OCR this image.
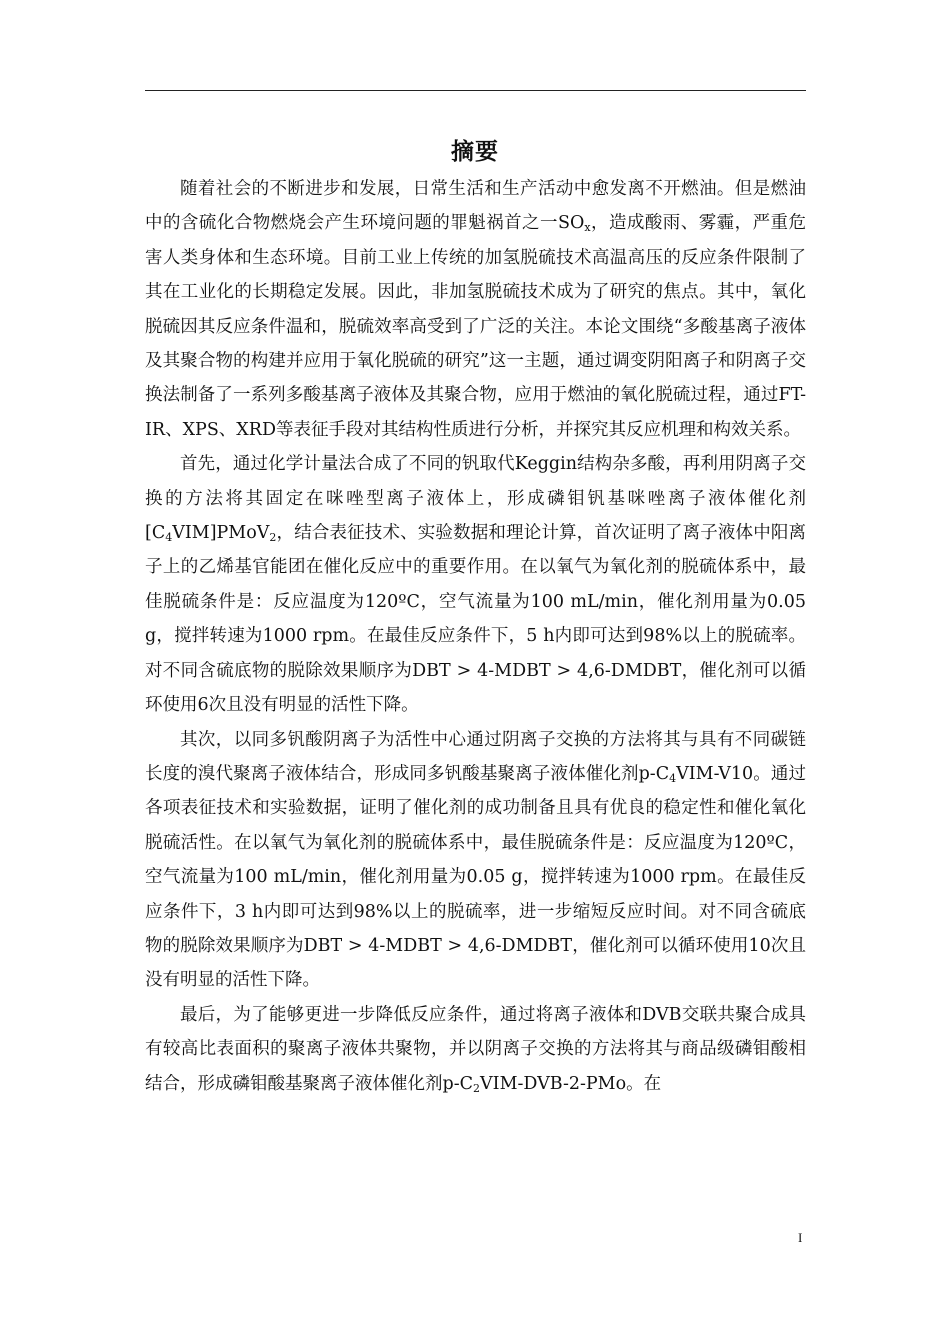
摘要

随着社会的不断进步和发展，日常生活和生产活动中愈发离不开燃油。但是燃油中的含硫化合物燃烧会产生环境问题的罪魁祸首之一$SO_x$，造成酸雨、雾霾，严重危害人类身体和生态环境。目前工业上传统的加氢脱硫技术高温高压的反应条件限制了其在工业化的长期稳定发展。因此，非加氢脱硫技术成为了研究的焦点。其中，氧化脱硫因其反应条件温和，脱硫效率高受到了广泛的关注。本论文围绕“多酸基离子液体及其聚合物的构建并应用于氧化脱硫的研究”这一主题，通过调变阴阳离子和阴离子交换法制备了一系列多酸基离子液体及其聚合物，应用于燃油的氧化脱硫过程，通过FT-IR、XPS、XRD等表征手段对其结构性质进行分析，并探究其反应机理和构效关系。

首先，通过化学计量法合成了不同的钒取代Keggin结构杂多酸，再利用阴离子交换的方法将其固定在咪唑型离子液体上，形成磷钼钒基咪唑离子液体催化剂$[C_4VIM]PMoV_2$，结合表征技术、实验数据和理论计算，首次证明了离子液体中阳离子上的乙烯基官能团在催化反应中的重要作用。在以氧气为氧化剂的脱硫体系中，最佳脱硫条件是：反应温度为120ºC，空气流量为100 mL/min，催化剂用量为0.05 g，搅拌转速为1000 rpm。在最佳反应条件下，5 h内即可达到98%以上的脱硫率。对不同含硫底物的脱除效果顺序为DBT > 4-MDBT > 4,6-DMDBT，催化剂可以循环使用6次且没有明显的活性下降。

其次，以同多钒酸阴离子为活性中心通过阴离子交换的方法将其与具有不同碳链长度的溴代聚离子液体结合，形成同多钒酸基聚离子液体催化剂$p-C_4VIM-V10$。通过各项表征技术和实验数据，证明了催化剂的成功制备且具有优良的稳定性和催化氧化脱硫活性。在以氧气为氧化剂的脱硫体系中，最佳脱硫条件是：反应温度为120ºC，空气流量为100 mL/min，催化剂用量为0.05 g，搅拌转速为1000 rpm。在最佳反应条件下，3 h内即可达到98%以上的脱硫率，进一步缩短反应时间。对不同含硫底物的脱除效果顺序为DBT > 4-MDBT > 4,6-DMDBT，催化剂可以循环使用10次且没有明显的活性下降。

最后，为了能够更进一步降低反应条件，通过将离子液体和DVB交联共聚合成具有较高比表面积的聚离子液体共聚物，并以阴离子交换的方法将其与商品级磷钼酸相结合，形成磷钼酸基聚离子液体催化剂$p-C_2VIM-DVB-2$-PMo。在

I
